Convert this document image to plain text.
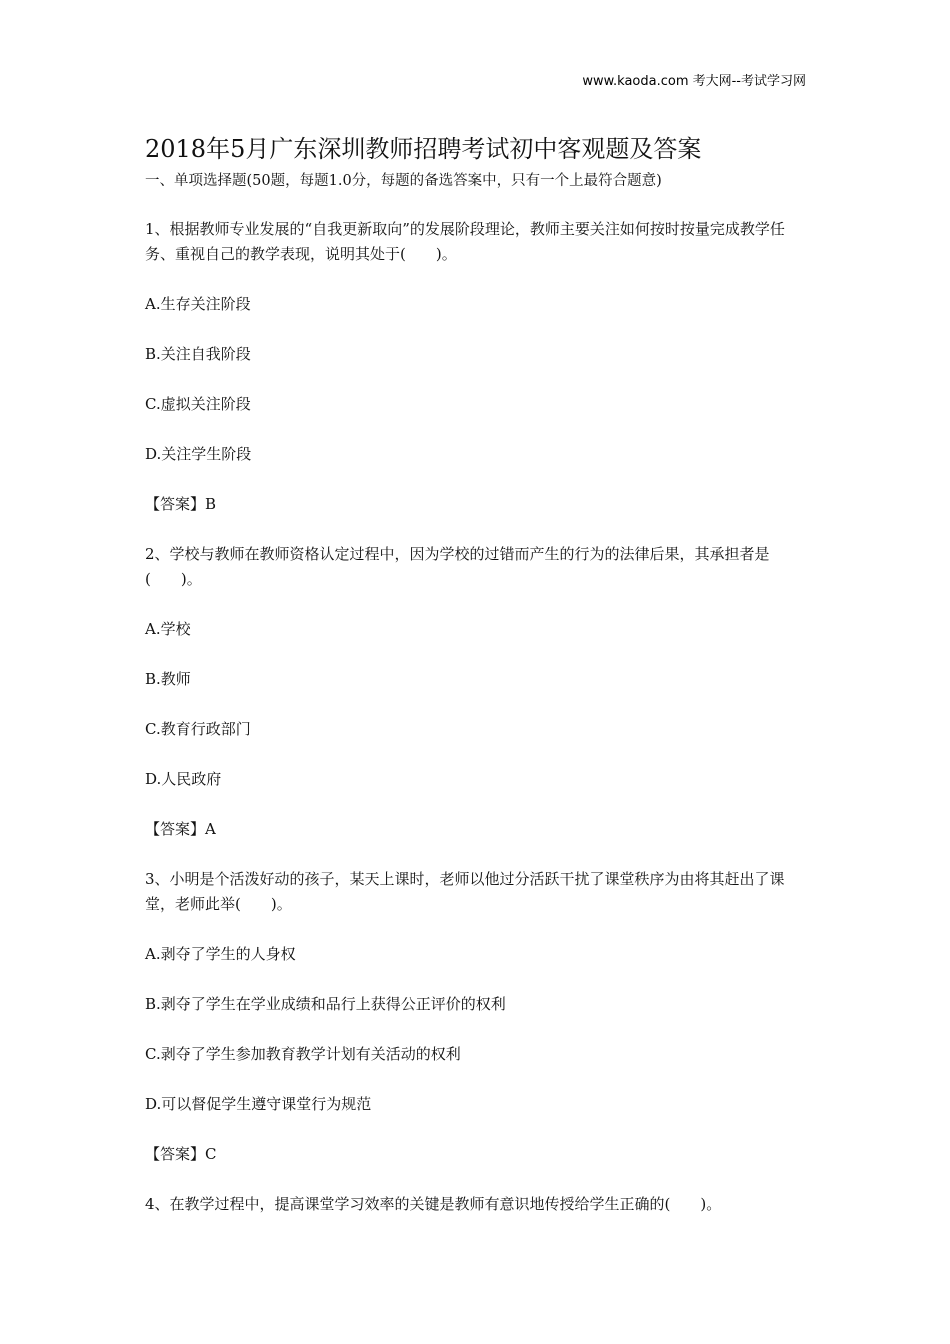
www.kaoda.com 考大网--考试学习网
2018年5月广东深圳教师招聘考试初中客观题及答案

一、单项选择题(50题，每题1.0分，每题的备选答案中，只有一个上最符合题意)

1、根据教师专业发展的“自我更新取向”的发展阶段理论，教师主要关注如何按时按量完成教学任务、重视自己的教学表现，说明其处于(　　)。

A.生存关注阶段

B.关注自我阶段

C.虚拟关注阶段

D.关注学生阶段

【答案】B

2、学校与教师在教师资格认定过程中，因为学校的过错而产生的行为的法律后果，其承担者是(　　)。

A.学校

B.教师

C.教育行政部门

D.人民政府

【答案】A

3、小明是个活泼好动的孩子，某天上课时，老师以他过分活跃干扰了课堂秩序为由将其赶出了课堂，老师此举(　　)。

A.剥夺了学生的人身权

B.剥夺了学生在学业成绩和品行上获得公正评价的权利

C.剥夺了学生参加教育教学计划有关活动的权利

D.可以督促学生遵守课堂行为规范

【答案】C

4、在教学过程中，提高课堂学习效率的关键是教师有意识地传授给学生正确的(　　)。
